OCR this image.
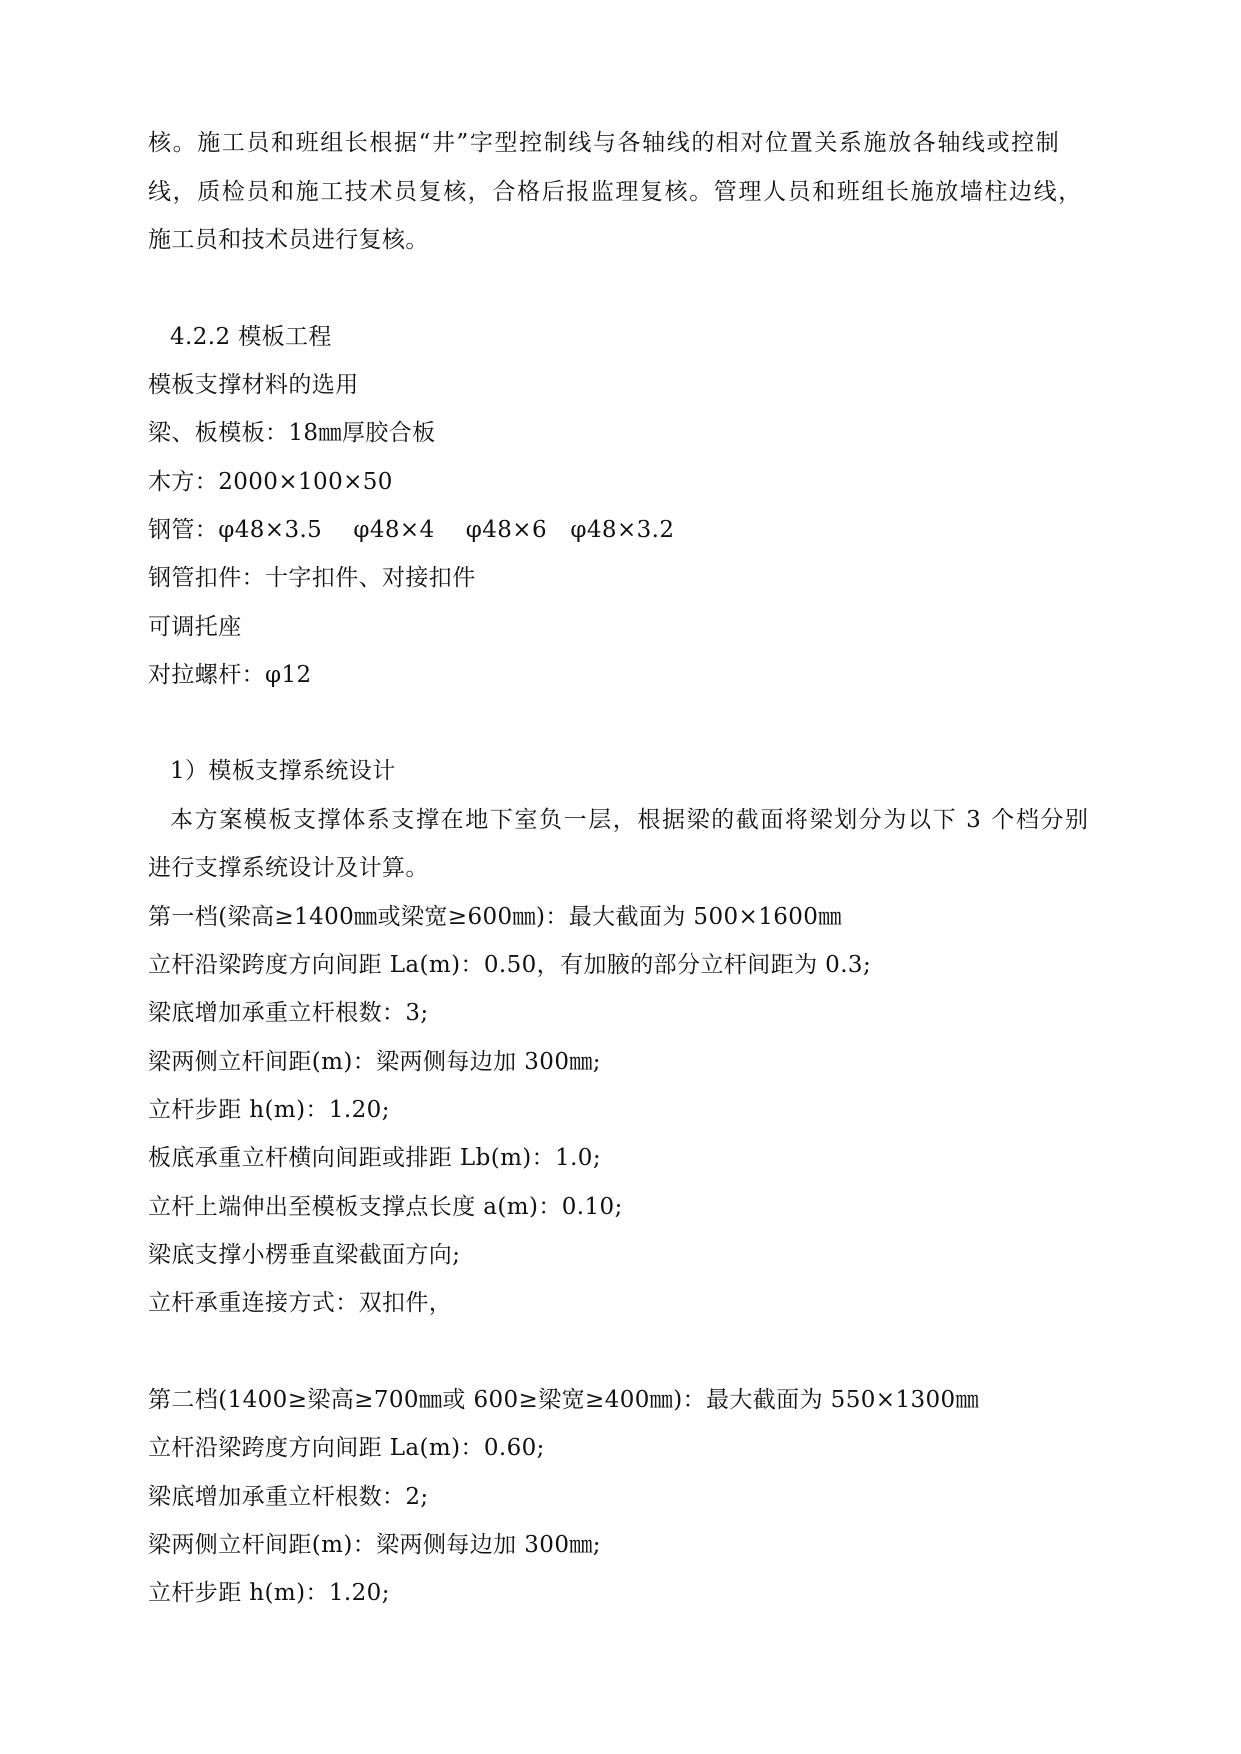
核。施工员和班组长根据“井”字型控制线与各轴线的相对位置关系施放各轴线或控制
线，质检员和施工技术员复核，合格后报监理复核。管理人员和班组长施放墙柱边线，
施工员和技术员进行复核。
4.2.2 模板工程
模板支撑材料的选用
梁、板模板：18㎜厚胶合板
木方：2000×100×50
钢管：φ48×3.5　 φ48×4　 φ48×6　φ48×3.2
钢管扣件：十字扣件、对接扣件
可调托座
对拉螺杆：φ12
1）模板支撑系统设计
本方案模板支撑体系支撑在地下室负一层，根据梁的截面将梁划分为以下 3 个档分别
进行支撑系统设计及计算。
第一档(梁高≥1400㎜或梁宽≥600㎜)：最大截面为 500×1600㎜
立杆沿梁跨度方向间距 La(m)：0.50，有加腋的部分立杆间距为 0.3;
梁底增加承重立杆根数：3;
梁两侧立杆间距(m)：梁两侧每边加 300㎜;
立杆步距 h(m)：1.20;
板底承重立杆横向间距或排距 Lb(m)：1.0;
立杆上端伸出至模板支撑点长度 a(m)：0.10;
梁底支撑小楞垂直梁截面方向;
立杆承重连接方式：双扣件，
第二档(1400≥梁高≥700㎜或 600≥梁宽≥400㎜)：最大截面为 550×1300㎜
立杆沿梁跨度方向间距 La(m)：0.60;
梁底增加承重立杆根数：2;
梁两侧立杆间距(m)：梁两侧每边加 300㎜;
立杆步距 h(m)：1.20;
